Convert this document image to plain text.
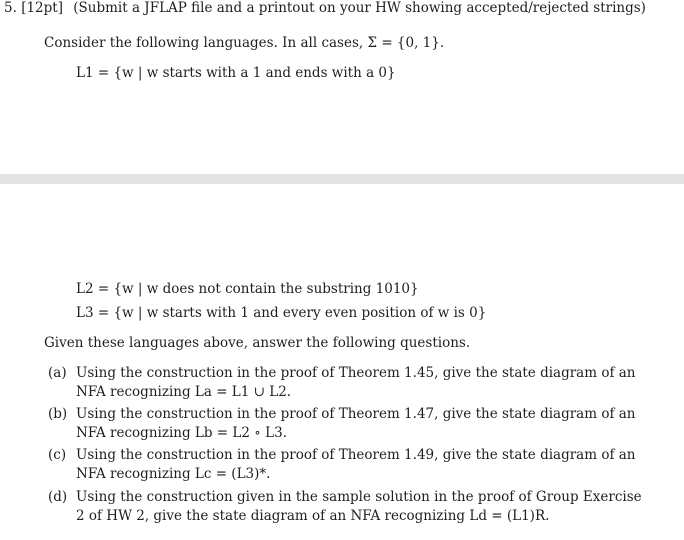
5. [12pt] (Submit a JFLAP file and a printout on your HW showing accepted/rejected strings)
Consider the following languages. In all cases, Σ = {0, 1}.
L1 = {w | w starts with a 1 and ends with a 0}
L2 = {w | w does not contain the substring 1010}
L3 = {w | w starts with 1 and every even position of w is 0}
Given these languages above, answer the following questions.
(a) Using the construction in the proof of Theorem 1.45, give the state diagram of an NFA recognizing La = L1 ∪ L2.
(b) Using the construction in the proof of Theorem 1.47, give the state diagram of an NFA recognizing Lb = L2 ∘ L3.
(c) Using the construction in the proof of Theorem 1.49, give the state diagram of an NFA recognizing Lc = (L3)*.
(d) Using the construction given in the sample solution in the proof of Group Exercise 2 of HW 2, give the state diagram of an NFA recognizing Ld = (L1)R.
